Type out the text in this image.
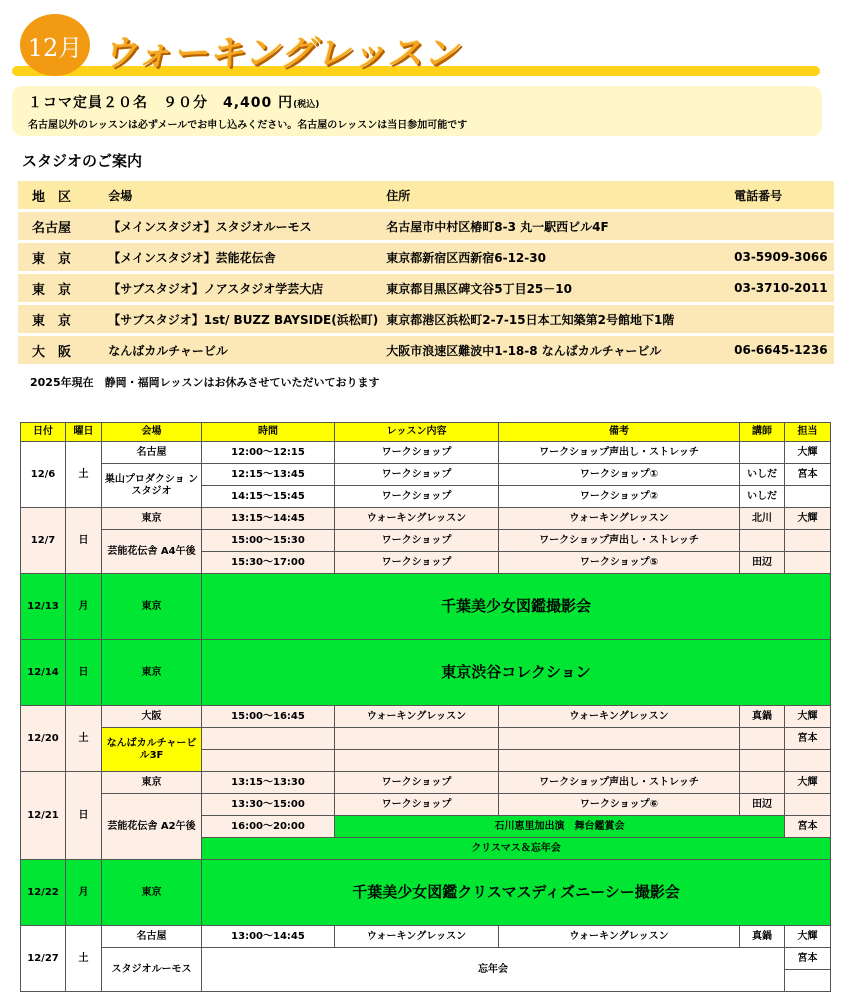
12月 ウォーキングレッスン
１コマ定員２０名　９０分　4,400 円(税込)
名古屋以外のレッスンは必ずメールでお申し込みください。名古屋のレッスンは当日参加可能です
スタジオのご案内
地　区	会場	住所	電話番号
名古屋	【メインスタジオ】スタジオルーモス	名古屋市中村区椿町8-3 丸一駅西ビル4F	
東　京	【メインスタジオ】芸能花伝舎	東京都新宿区西新宿6-12-30	03-5909-3066
東　京	【サブスタジオ】ノアスタジオ学芸大店	東京都目黒区碑文谷5丁目25－10	03-3710-2011
東　京	【サブスタジオ】1st/ BUZZ BAYSIDE(浜松町)	東京都港区浜松町2-7-15日本工知築第2号館地下1階	
大　阪	なんばカルチャービル	大阪市浪速区難波中1-18-8 なんばカルチャービル	06-6645-1236
2025年現在　静岡・福岡レッスンはお休みさせていただいております
日付	曜日	会場	時間	レッスン内容	備考	講師	担当
12/6	土	名古屋	12:00～12:15	ワークショップ	ワークショップ声出し・ストレッチ		大輝
		巣山プロダクショ ン スタジオ	12:15～13:45	ワークショップ	ワークショップ①	いしだ	宮本
			14:15～15:45	ワークショップ	ワークショップ②	いしだ	
12/7	日	東京	13:15～14:45	ウォーキングレッスン	ウォーキングレッスン	北川	大輝
		芸能花伝舎 A4午後	15:00～15:30	ワークショップ	ワークショップ声出し・ストレッチ		
			15:30～17:00	ワークショップ	ワークショップ⑤	田辺	
12/13	月	東京	千葉美少女図鑑撮影会				
12/14	日	東京	東京渋谷コレクション				
12/20	土	大阪	15:00～16:45	ウォーキングレッスン	ウォーキングレッスン	真鍋	大輝
		なんばカルチャービル3F					宮本

12/21	日	東京	13:15～13:30	ワークショップ	ワークショップ声出し・ストレッチ		大輝
		芸能花伝舎 A2午後	13:30～15:00	ワークショップ	ワークショップ⑥	田辺	
			16:00～20:00	石川恵里加出演　舞台鑑賞会			宮本
			クリスマス＆忘年会				
12/22	月	東京	千葉美少女図鑑クリスマスディズニーシー撮影会				
12/27	土	名古屋	13:00～14:45	ウォーキングレッスン	ウォーキングレッスン	真鍋	大輝
		スタジオルーモス	忘年会				宮本
